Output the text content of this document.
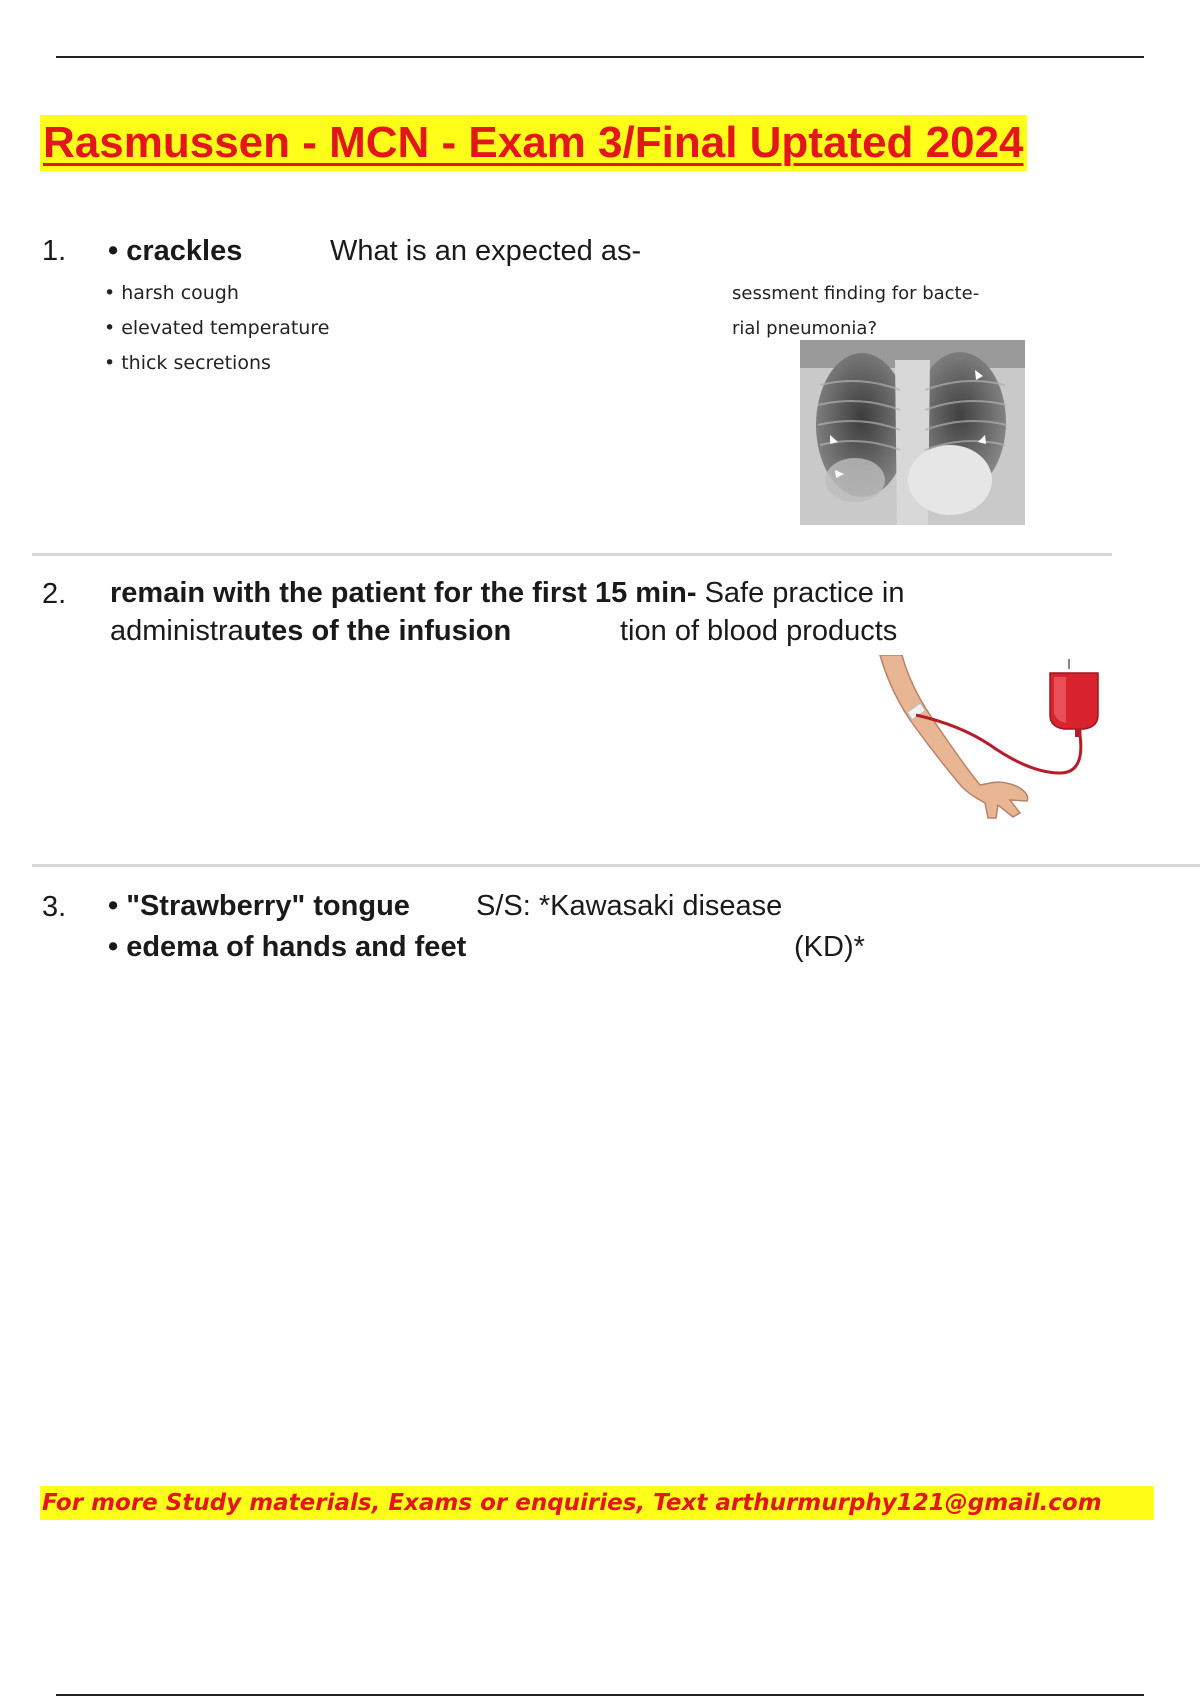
Rasmussen - MCN - Exam 3/Final Uptated 2024
1. • crackles	What is an expected as-
• harsh cough
• elevated temperature
• thick secretions
sessment finding for bacte-
rial pneumonia?
2. remain with the patient for the first 15 min- Safe practice in
administrautes of the infusion	tion of blood products
3. • "Strawberry" tongue
• edema of hands and feet
S/S: *Kawasaki disease
(KD)*
For more Study materials, Exams or enquiries, Text arthurmurphy121@gmail.com
